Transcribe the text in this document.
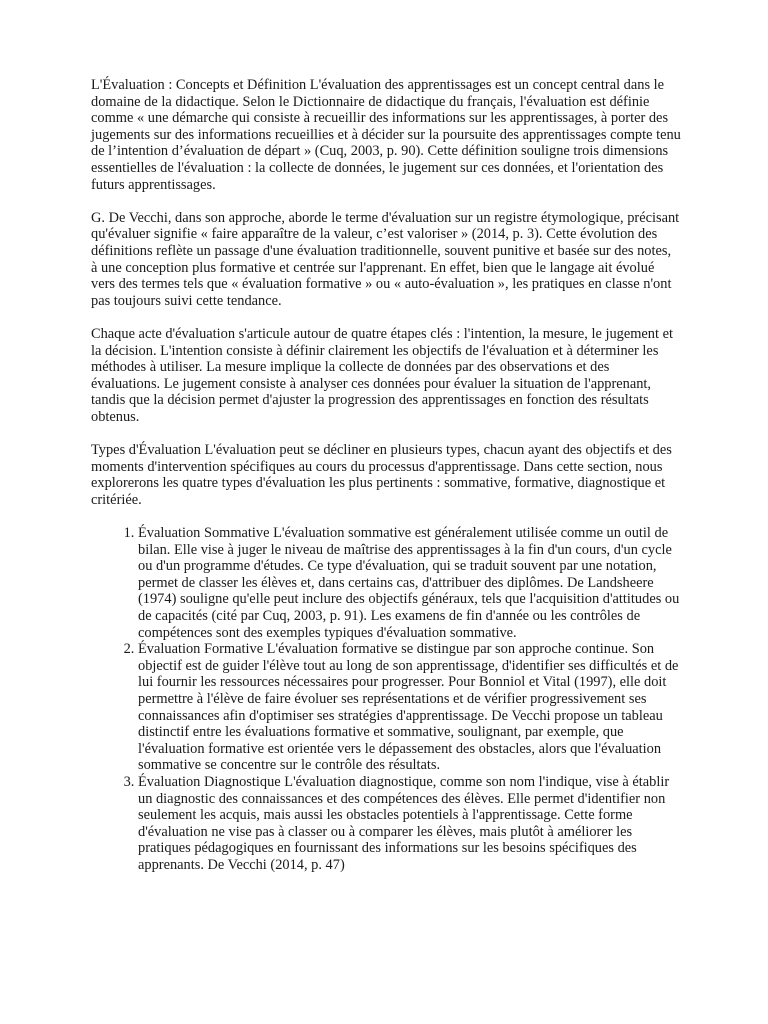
L'Évaluation : Concepts et Définition L'évaluation des apprentissages est un concept central dans le domaine de la didactique. Selon le Dictionnaire de didactique du français, l'évaluation est définie comme « une démarche qui consiste à recueillir des informations sur les apprentissages, à porter des jugements sur des informations recueillies et à décider sur la poursuite des apprentissages compte tenu de l’intention d’évaluation de départ » (Cuq, 2003, p. 90). Cette définition souligne trois dimensions essentielles de l'évaluation : la collecte de données, le jugement sur ces données, et l'orientation des futurs apprentissages.

G. De Vecchi, dans son approche, aborde le terme d'évaluation sur un registre étymologique, précisant qu'évaluer signifie « faire apparaître de la valeur, c’est valoriser » (2014, p. 3). Cette évolution des définitions reflète un passage d'une évaluation traditionnelle, souvent punitive et basée sur des notes, à une conception plus formative et centrée sur l'apprenant. En effet, bien que le langage ait évolué vers des termes tels que « évaluation formative » ou « auto-évaluation », les pratiques en classe n'ont pas toujours suivi cette tendance.

Chaque acte d'évaluation s'articule autour de quatre étapes clés : l'intention, la mesure, le jugement et la décision. L'intention consiste à définir clairement les objectifs de l'évaluation et à déterminer les méthodes à utiliser. La mesure implique la collecte de données par des observations et des évaluations. Le jugement consiste à analyser ces données pour évaluer la situation de l'apprenant, tandis que la décision permet d'ajuster la progression des apprentissages en fonction des résultats obtenus.

Types d'Évaluation L'évaluation peut se décliner en plusieurs types, chacun ayant des objectifs et des moments d'intervention spécifiques au cours du processus d'apprentissage. Dans cette section, nous explorerons les quatre types d'évaluation les plus pertinents : sommative, formative, diagnostique et critériée.

1. Évaluation Sommative L'évaluation sommative est généralement utilisée comme un outil de bilan. Elle vise à juger le niveau de maîtrise des apprentissages à la fin d'un cours, d'un cycle ou d'un programme d'études. Ce type d'évaluation, qui se traduit souvent par une notation, permet de classer les élèves et, dans certains cas, d'attribuer des diplômes. De Landsheere (1974) souligne qu'elle peut inclure des objectifs généraux, tels que l'acquisition d'attitudes ou de capacités (cité par Cuq, 2003, p. 91). Les examens de fin d'année ou les contrôles de compétences sont des exemples typiques d'évaluation sommative.
2. Évaluation Formative L'évaluation formative se distingue par son approche continue. Son objectif est de guider l'élève tout au long de son apprentissage, d'identifier ses difficultés et de lui fournir les ressources nécessaires pour progresser. Pour Bonniol et Vital (1997), elle doit permettre à l'élève de faire évoluer ses représentations et de vérifier progressivement ses connaissances afin d'optimiser ses stratégies d'apprentissage. De Vecchi propose un tableau distinctif entre les évaluations formative et sommative, soulignant, par exemple, que l'évaluation formative est orientée vers le dépassement des obstacles, alors que l'évaluation sommative se concentre sur le contrôle des résultats.
3. Évaluation Diagnostique L'évaluation diagnostique, comme son nom l'indique, vise à établir un diagnostic des connaissances et des compétences des élèves. Elle permet d'identifier non seulement les acquis, mais aussi les obstacles potentiels à l'apprentissage. Cette forme d'évaluation ne vise pas à classer ou à comparer les élèves, mais plutôt à améliorer les pratiques pédagogiques en fournissant des informations sur les besoins spécifiques des apprenants. De Vecchi (2014, p. 47)
